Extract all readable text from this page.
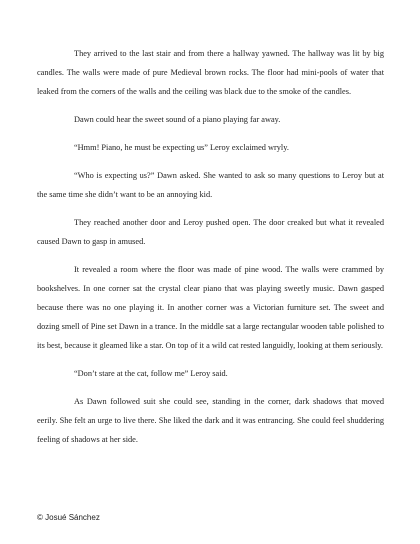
They arrived to the last stair and from there a hallway yawned. The hallway was lit by big candles. The walls were made of pure Medieval brown rocks. The floor had mini-pools of water that leaked from the corners of the walls and the ceiling was black due to the smoke of the candles.

Dawn could hear the sweet sound of a piano playing far away.

“Hmm! Piano, he must be expecting us” Leroy exclaimed wryly.

“Who is expecting us?” Dawn asked. She wanted to ask so many questions to Leroy but at the same time she didn’t want to be an annoying kid.

They reached another door and Leroy pushed open. The door creaked but what it revealed caused Dawn to gasp in amused.

It revealed a room where the floor was made of pine wood. The walls were crammed by bookshelves. In one corner sat the crystal clear piano that was playing sweetly music. Dawn gasped because there was no one playing it. In another corner was a Victorian furniture set. The sweet and dozing smell of Pine set Dawn in a trance. In the middle sat a large rectangular wooden table polished to its best, because it gleamed like a star. On top of it a wild cat rested languidly, looking at them seriously.

“Don’t stare at the cat, follow me” Leroy said.

As Dawn followed suit she could see, standing in the corner, dark shadows that moved eerily. She felt an urge to live there. She liked the dark and it was entrancing. She could feel shuddering feeling of shadows at her side.

© Josué Sánchez
